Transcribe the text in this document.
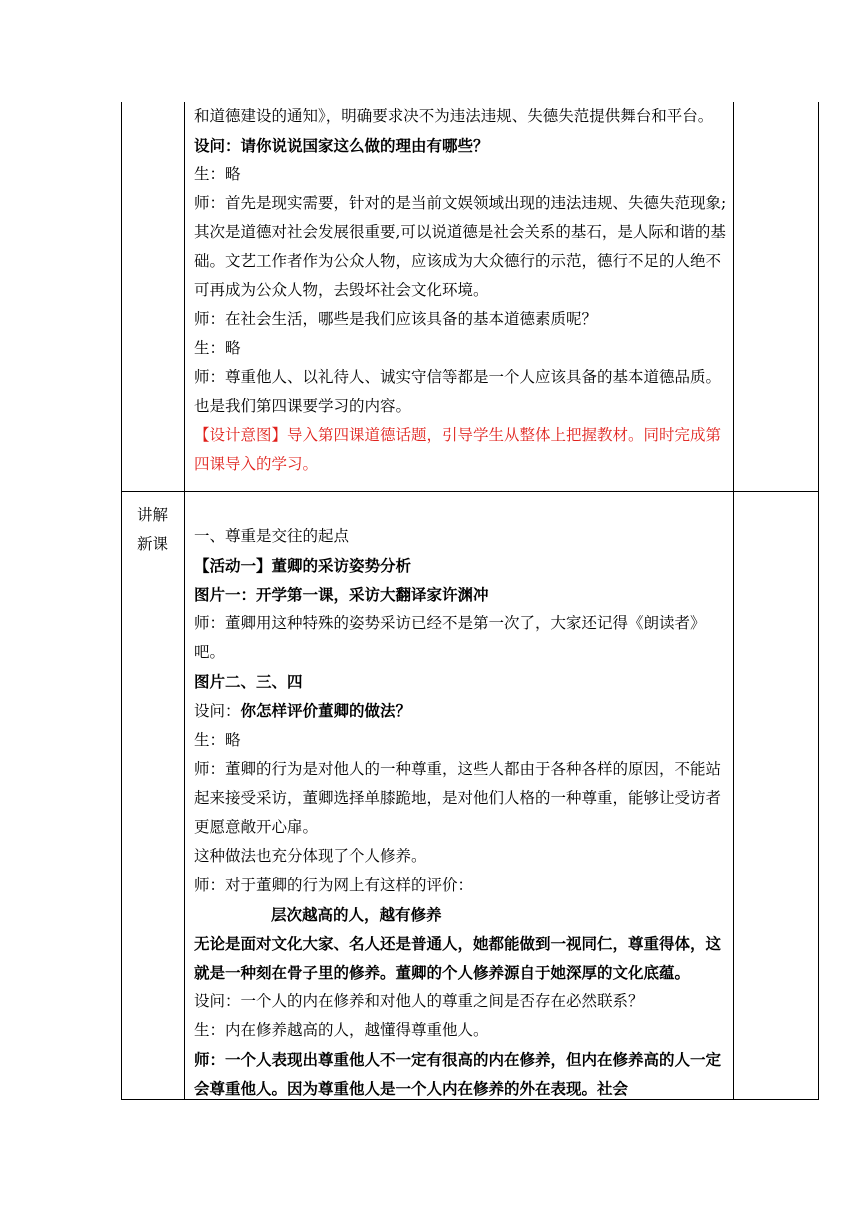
讲解
新课

和道德建设的通知》，明确要求决不为违法违规、失德失范提供舞台和平台。

设问：请你说说国家这么做的理由有哪些？

生：略

师：首先是现实需要，针对的是当前文娱领域出现的违法违规、失德失范现象;其次是道德对社会发展很重要,可以说道德是社会关系的基石，是人际和谐的基础。文艺工作者作为公众人物，应该成为大众德行的示范，德行不足的人绝不可再成为公众人物，去毁坏社会文化环境。

师：在社会生活，哪些是我们应该具备的基本道德素质呢？

生：略

师：尊重他人、以礼待人、诚实守信等都是一个人应该具备的基本道德品质。也是我们第四课要学习的内容。

【设计意图】导入第四课道德话题，引导学生从整体上把握教材。同时完成第四课导入的学习。

一、尊重是交往的起点

【活动一】董卿的采访姿势分析

图片一：开学第一课，采访大翻译家许渊冲

师：董卿用这种特殊的姿势采访已经不是第一次了，大家还记得《朗读者》吧。

图片二、三、四

设问：你怎样评价董卿的做法？

生：略

师：董卿的行为是对他人的一种尊重，这些人都由于各种各样的原因，不能站起来接受采访，董卿选择单膝跪地，是对他们人格的一种尊重，能够让受访者更愿意敞开心扉。

这种做法也充分体现了个人修养。

师：对于董卿的行为网上有这样的评价：

层次越高的人，越有修养

无论是面对文化大家、名人还是普通人，她都能做到一视同仁，尊重得体，这就是一种刻在骨子里的修养。董卿的个人修养源自于她深厚的文化底蕴。

设问：一个人的内在修养和对他人的尊重之间是否存在必然联系？

生：内在修养越高的人，越懂得尊重他人。

师：一个人表现出尊重他人不一定有很高的内在修养，但内在修养高的人一定会尊重他人。因为尊重他人是一个人内在修养的外在表现。社会
